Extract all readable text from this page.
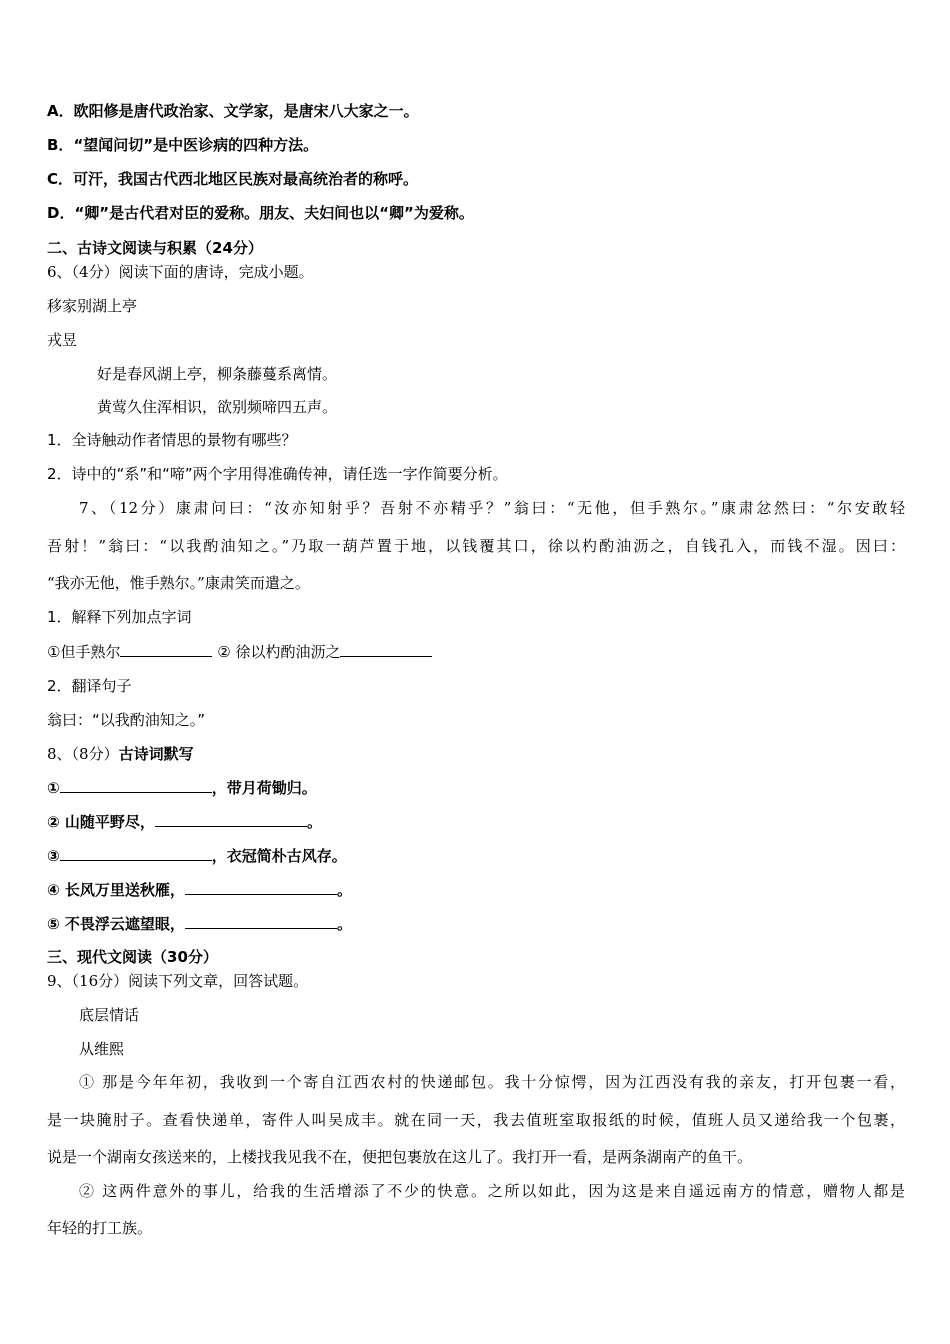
A．欧阳修是唐代政治家、文学家，是唐宋八大家之一。
B．“望闻问切”是中医诊病的四种方法。
C．可汗，我国古代西北地区民族对最高统治者的称呼。
D．“卿”是古代君对臣的爱称。朋友、夫妇间也以“卿”为爱称。
二、古诗文阅读与积累（24分）
6、（4分）阅读下面的唐诗，完成小题。
移家别湖上亭
戎昱
好是春风湖上亭，柳条藤蔓系离情。
黄莺久住浑相识，欲别频啼四五声。
1．全诗触动作者情思的景物有哪些？
2．诗中的“系”和“啼”两个字用得准确传神，请任选一字作简要分析。
7、（12分）康肃问曰：“汝亦知射乎？吾射不亦精乎？”翁曰：“无他，但手熟尔。”康肃忿然曰：“尔安敢轻
吾射！”翁曰：“以我酌油知之。”乃取一葫芦置于地，以钱覆其口，徐以杓酌油沥之，自钱孔入，而钱不湿。因曰：
“我亦无他，惟手熟尔。”康肃笑而遣之。
1．解释下列加点字词
①但手熟尔	② 徐以杓酌油沥之
2．翻译句子
翁曰：“以我酌油知之。”
8、（8分）古诗词默写
①	，带月荷锄归。
② 山随平野尽，	。
③	，衣冠简朴古风存。
④ 长风万里送秋雁，	。
⑤ 不畏浮云遮望眼，	。
三、现代文阅读（30分）
9、（16分）阅读下列文章，回答试题。
底层情话
从维熙
① 那是今年年初，我收到一个寄自江西农村的快递邮包。我十分惊愕，因为江西没有我的亲友，打开包裹一看，
是一块腌肘子。查看快递单，寄件人叫吴成丰。就在同一天，我去值班室取报纸的时候，值班人员又递给我一个包裹，
说是一个湖南女孩送来的，上楼找我见我不在，便把包裹放在这儿了。我打开一看，是两条湖南产的鱼干。
② 这两件意外的事儿，给我的生活增添了不少的快意。之所以如此，因为这是来自遥远南方的情意，赠物人都是
年轻的打工族。
